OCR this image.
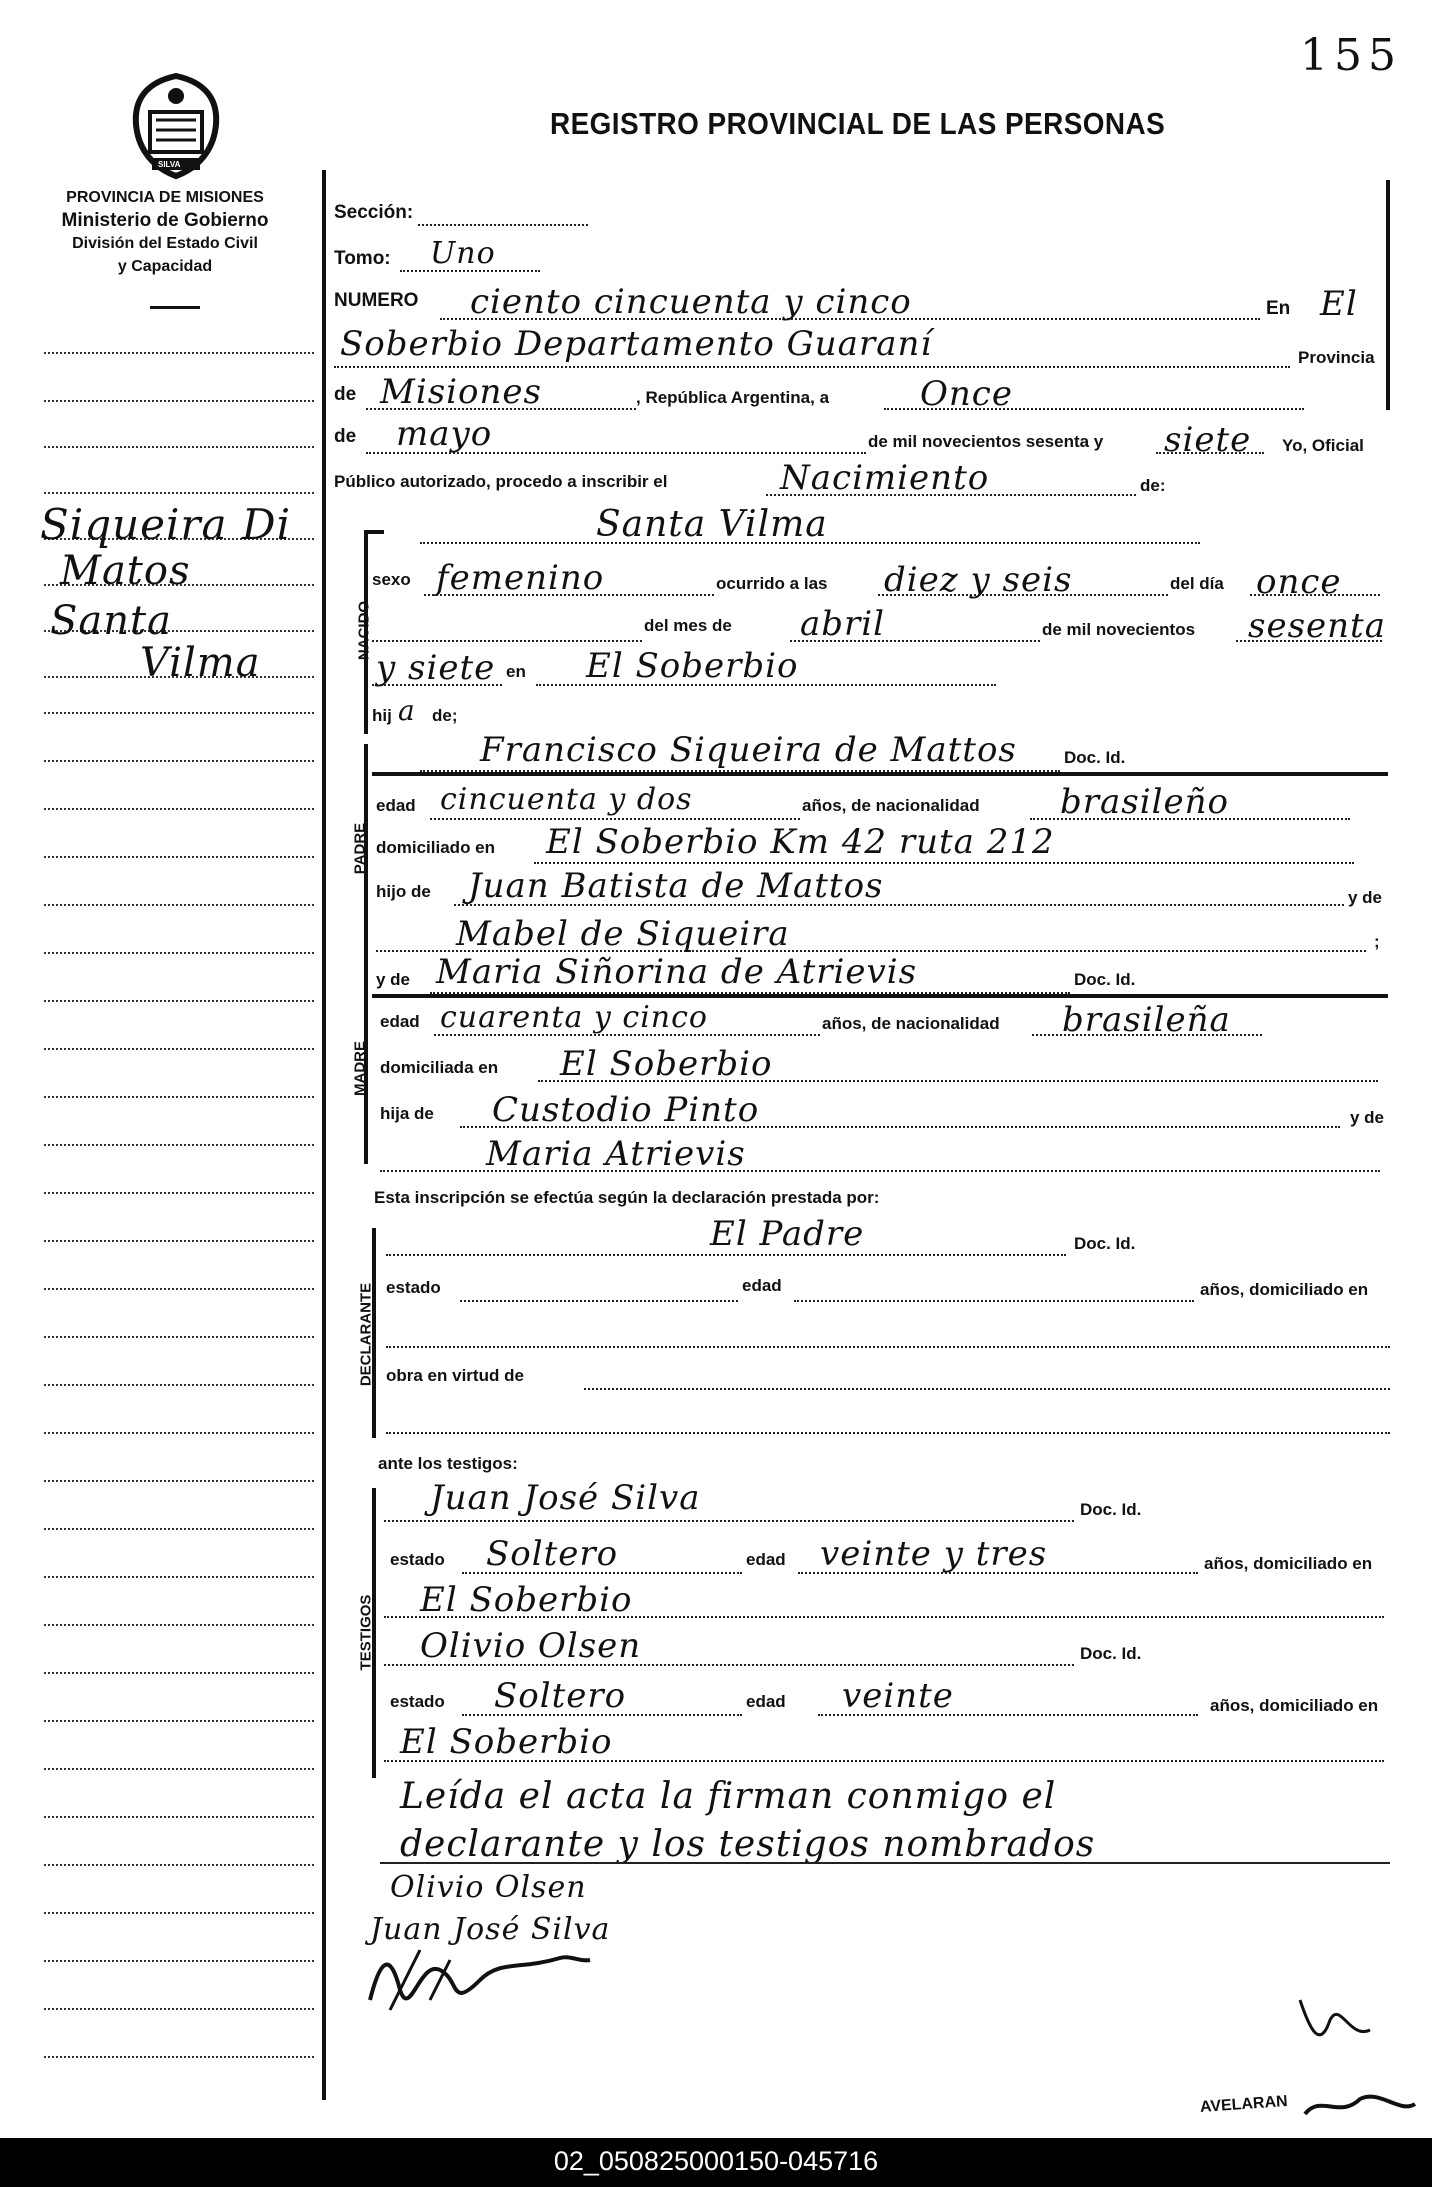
155
SILVA
PROVINCIA DE MISIONES
Ministerio de Gobierno
División del Estado Civil
y Capacidad
REGISTRO PROVINCIAL DE LAS PERSONAS
Siqueira Di
Matos
Santa
Vilma
Sección:
Tomo: Uno
NUMERO ciento cincuenta y cinco	En El
Soberbio Departamento Guaraní	Provincia
de Misiones	, República Argentina, a	Once
de mayo	de mil novecientos sesenta y siete Yo, Oficial
Público autorizado, procedo a inscribir el	Nacimiento	de:
NACIDO
Santa Vilma
sexo femenino	ocurrido a las diez y seis	del día once
del mes de abril	de mil novecientos sesenta
y siete en El Soberbio
hij a de;
PADRE
Francisco Siqueira de Mattos	Doc. Id.
edad cincuenta y dos	años, de nacionalidad brasileño
domiciliado en El Soberbio Km 42 ruta 212
hijo de Juan Batista de Mattos	y de
Mabel de Siqueira	;
MADRE
y de Maria Siñorina de Atrievis	Doc. Id.
edad cuarenta y cinco	años, de nacionalidad brasileña
domiciliada en El Soberbio
hija de Custodio Pinto	y de
Maria Atrievis
Esta inscripción se efectúa según la declaración prestada por:
DECLARANTE
El Padre	Doc. Id.
estado	edad	años, domiciliado en
obra en virtud de
ante los testigos:
TESTIGOS
Juan José Silva	Doc. Id.
estado Soltero	edad veinte y tres	años, domiciliado en
El Soberbio
Olivio Olsen	Doc. Id.
estado Soltero	edad veinte	años, domiciliado en
El Soberbio
Leída el acta la firman conmigo el
declarante y los testigos nombrados
Olivio Olsen
Juan José Silva
AVELARAN
02_050825000150-045716
